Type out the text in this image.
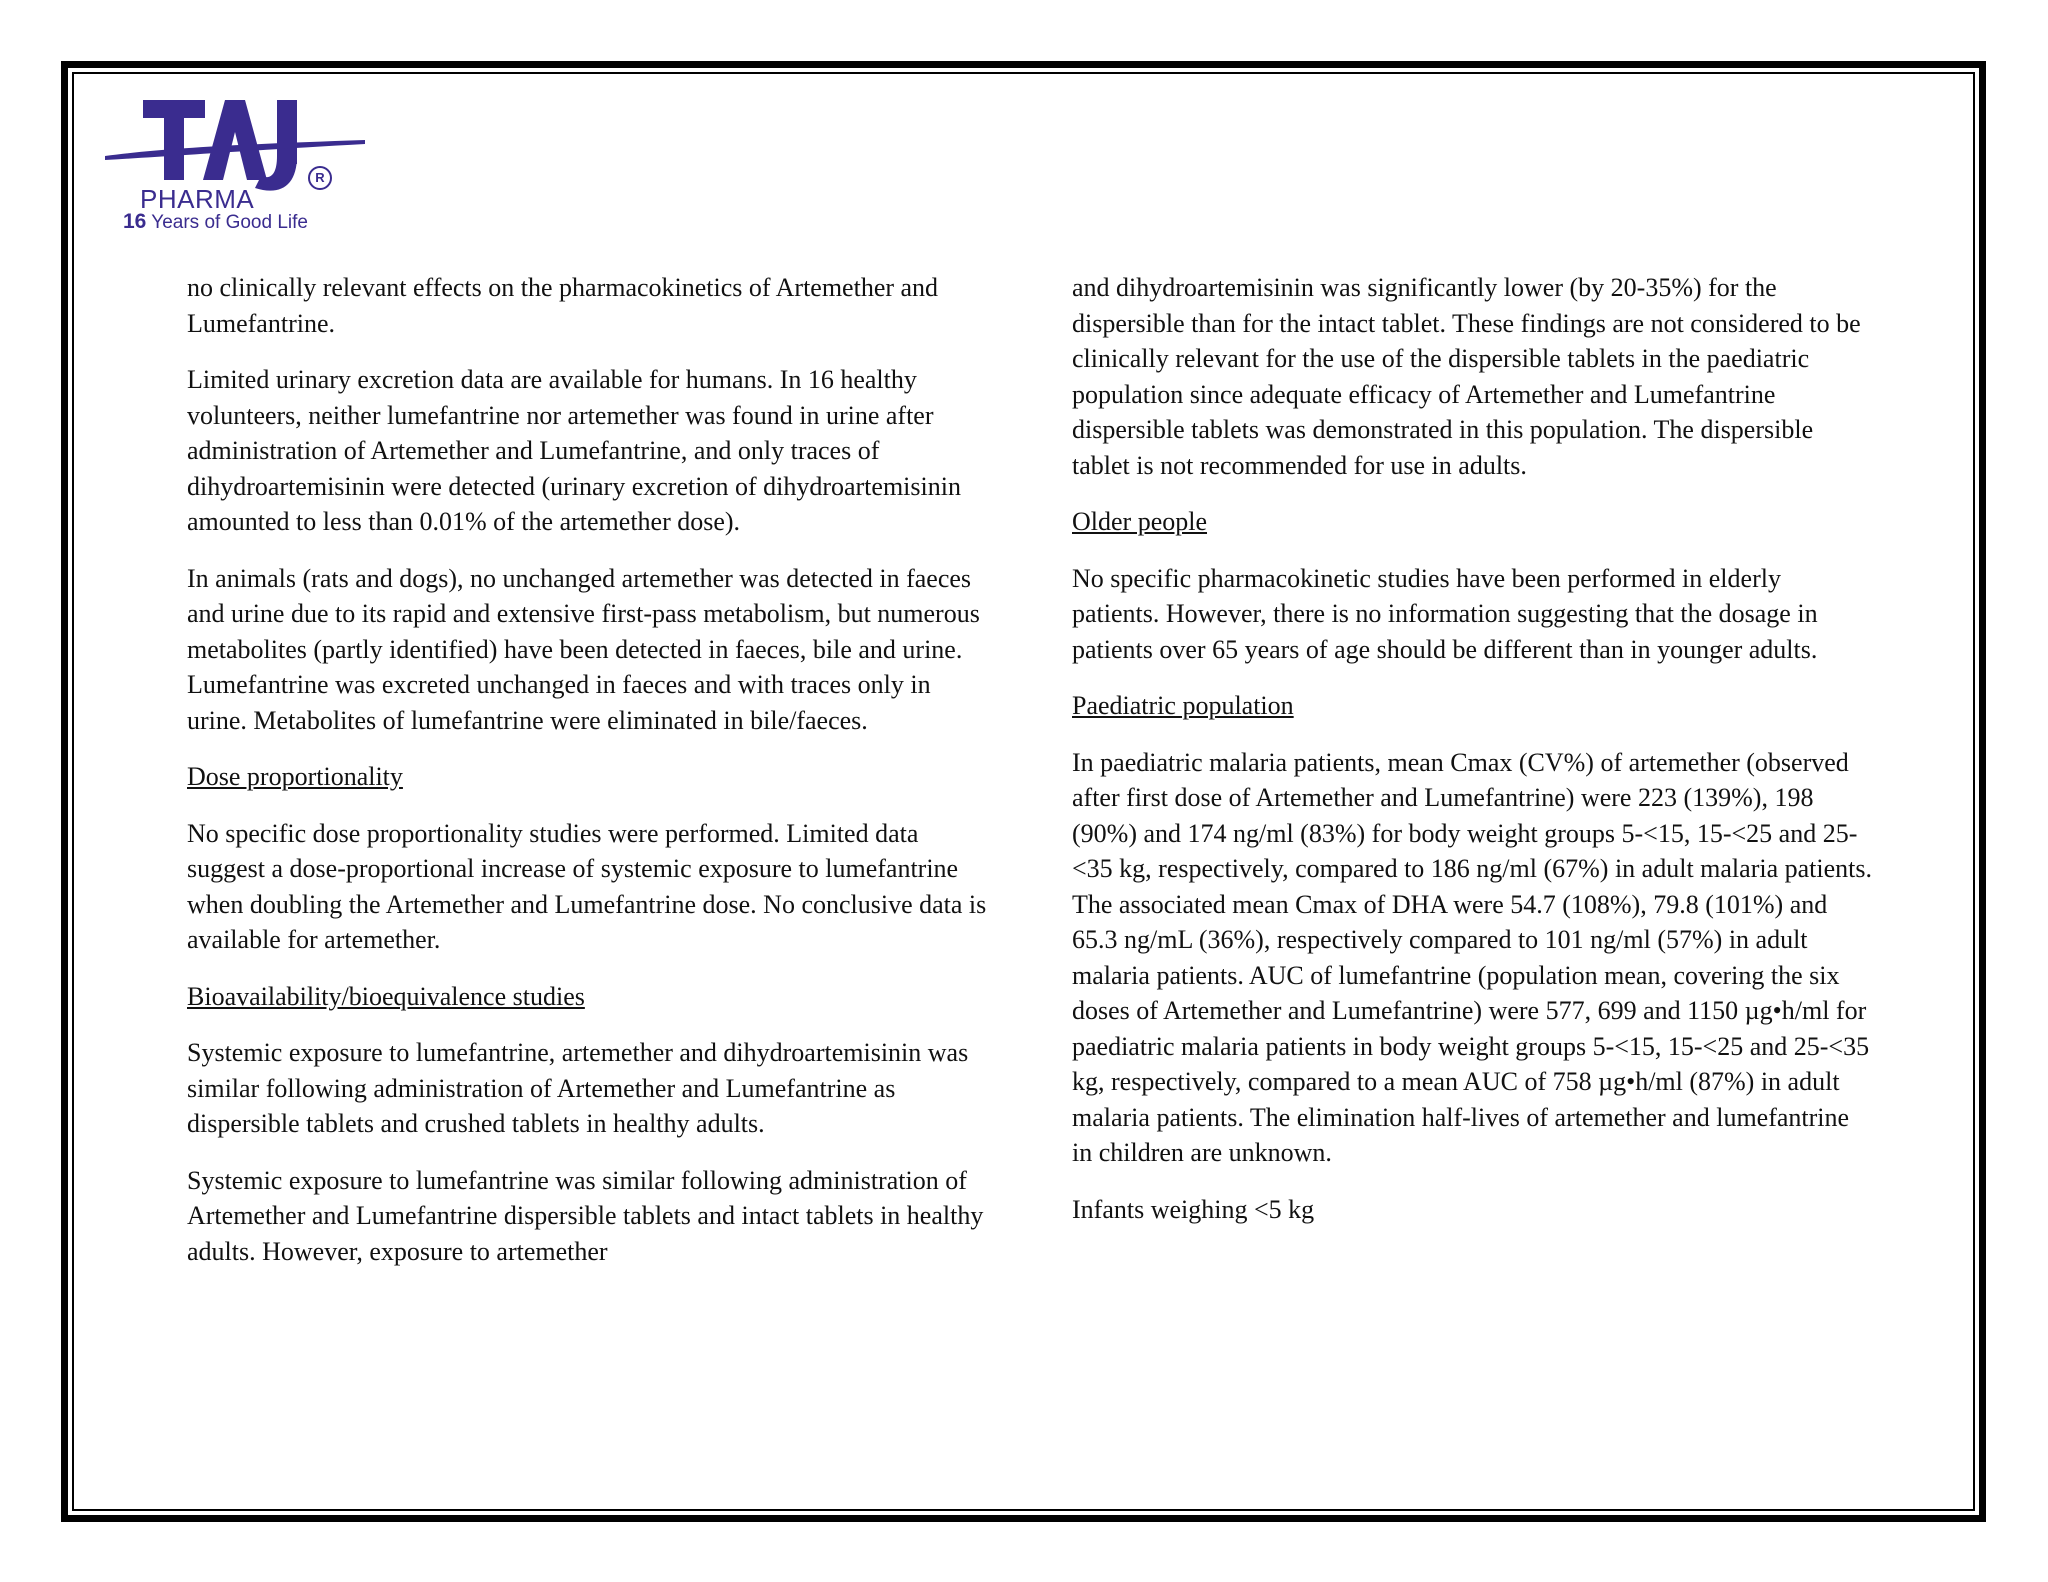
R
PHARMA
16 Years of Good Life

no clinically relevant effects on the pharmacokinetics of Artemether and Lumefantrine.

Limited urinary excretion data are available for humans. In 16 healthy volunteers, neither lumefantrine nor artemether was found in urine after administration of Artemether and Lumefantrine, and only traces of dihydroartemisinin were detected (urinary excretion of dihydroartemisinin amounted to less than 0.01% of the artemether dose).

In animals (rats and dogs), no unchanged artemether was detected in faeces and urine due to its rapid and extensive first-pass metabolism, but numerous metabolites (partly identified) have been detected in faeces, bile and urine. Lumefantrine was excreted unchanged in faeces and with traces only in urine. Metabolites of lumefantrine were eliminated in bile/faeces.

Dose proportionality

No specific dose proportionality studies were performed. Limited data suggest a dose-proportional increase of systemic exposure to lumefantrine when doubling the Artemether and Lumefantrine dose. No conclusive data is available for artemether.

Bioavailability/bioequivalence studies

Systemic exposure to lumefantrine, artemether and dihydroartemisinin was similar following administration of Artemether and Lumefantrine as dispersible tablets and crushed tablets in healthy adults.

Systemic exposure to lumefantrine was similar following administration of Artemether and Lumefantrine dispersible tablets and intact tablets in healthy adults. However, exposure to artemether

and dihydroartemisinin was significantly lower (by 20-35%) for the dispersible than for the intact tablet. These findings are not considered to be clinically relevant for the use of the dispersible tablets in the paediatric population since adequate efficacy of Artemether and Lumefantrine dispersible tablets was demonstrated in this population. The dispersible tablet is not recommended for use in adults.

Older people

No specific pharmacokinetic studies have been performed in elderly patients. However, there is no information suggesting that the dosage in patients over 65 years of age should be different than in younger adults.

Paediatric population

In paediatric malaria patients, mean Cmax (CV%) of artemether (observed after first dose of Artemether and Lumefantrine) were 223 (139%), 198 (90%) and 174 ng/ml (83%) for body weight groups 5-<15, 15-<25 and 25-<35 kg, respectively, compared to 186 ng/ml (67%) in adult malaria patients. The associated mean Cmax of DHA were 54.7 (108%), 79.8 (101%) and 65.3 ng/mL (36%), respectively compared to 101 ng/ml (57%) in adult malaria patients. AUC of lumefantrine (population mean, covering the six doses of Artemether and Lumefantrine) were 577, 699 and 1150 µg•h/ml for paediatric malaria patients in body weight groups 5-<15, 15-<25 and 25-<35 kg, respectively, compared to a mean AUC of 758 µg•h/ml (87%) in adult malaria patients. The elimination half-lives of artemether and lumefantrine in children are unknown.

Infants weighing <5 kg
